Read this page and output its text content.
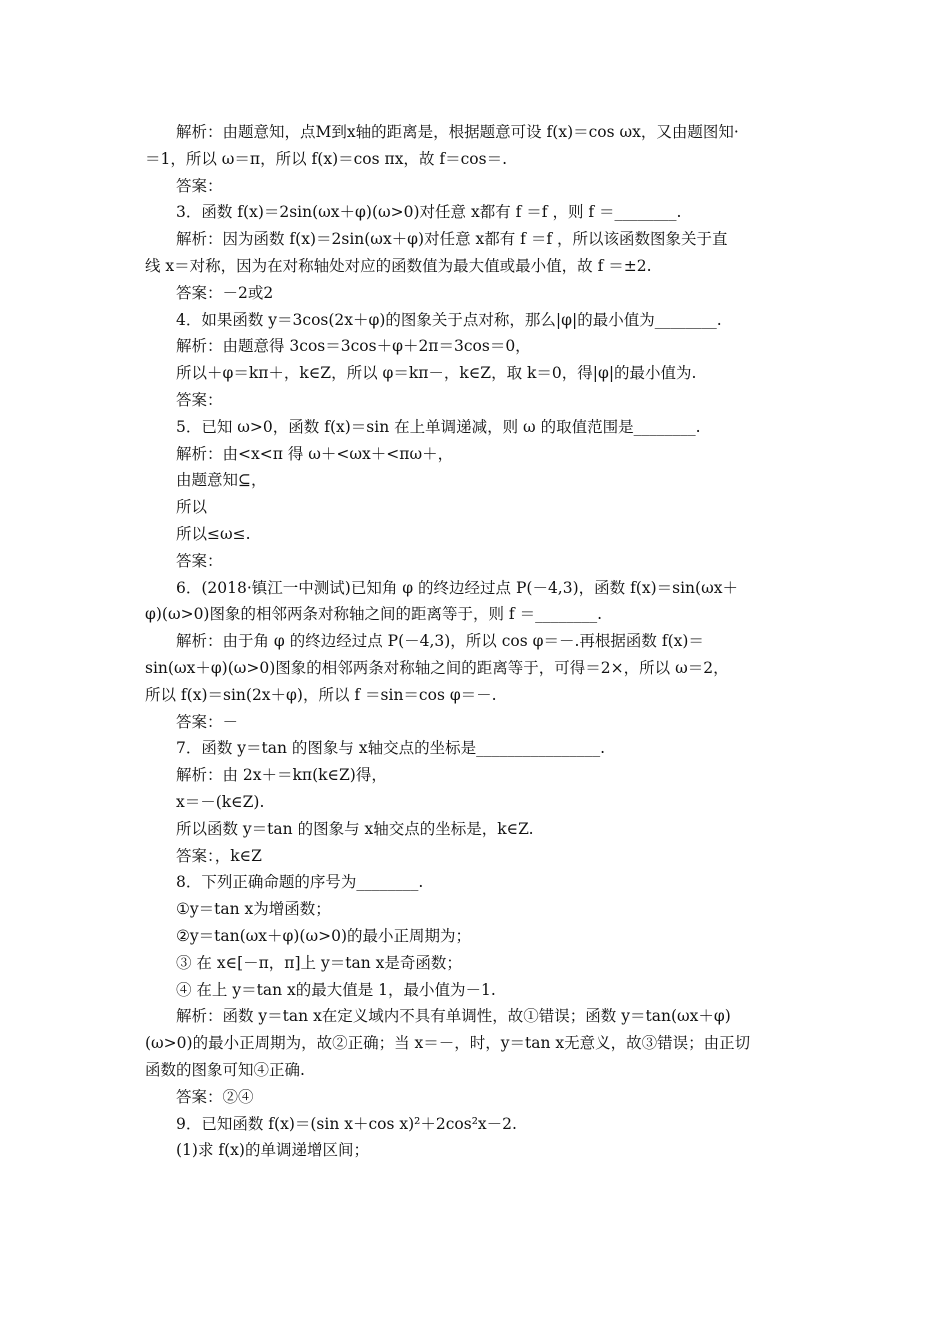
解析：由题意知，点M到x轴的距离是，根据题意可设 f(x)＝cos ωx，又由题图知·
＝1，所以 ω＝π，所以 f(x)＝cos πx，故 f＝cos＝.
答案：
3．函数 f(x)＝2sin(ωx＋φ)(ω>0)对任意 x都有 f ＝f ，则 f ＝________.
解析：因为函数 f(x)＝2sin(ωx＋φ)对任意 x都有 f ＝f ，所以该函数图象关于直
线 x＝对称，因为在对称轴处对应的函数值为最大值或最小值，故 f ＝±2.
答案：－2或2
4．如果函数 y＝3cos(2x＋φ)的图象关于点对称，那么|φ|的最小值为________.
解析：由题意得 3cos＝3cos＋φ＋2π＝3cos＝0，
所以＋φ＝kπ＋，k∈Z，所以 φ＝kπ－，k∈Z，取 k＝0，得|φ|的最小值为.
答案：
5．已知 ω>0，函数 f(x)＝sin 在上单调递减，则 ω 的取值范围是________.
解析：由<x<π 得 ω＋<ωx＋<πω＋，
由题意知⊆，
所以
所以≤ω≤.
答案：
6．(2018·镇江一中测试)已知角 φ 的终边经过点 P(－4,3)，函数 f(x)＝sin(ωx＋
φ)(ω>0)图象的相邻两条对称轴之间的距离等于，则 f ＝________.
解析：由于角 φ 的终边经过点 P(－4,3)，所以 cos φ＝－.再根据函数 f(x)＝
sin(ωx＋φ)(ω>0)图象的相邻两条对称轴之间的距离等于，可得＝2×，所以 ω＝2，
所以 f(x)＝sin(2x＋φ)，所以 f ＝sin＝cos φ＝－.
答案：－
7．函数 y＝tan 的图象与 x轴交点的坐标是________________.
解析：由 2x＋＝kπ(k∈Z)得，
x＝－(k∈Z).
所以函数 y＝tan 的图象与 x轴交点的坐标是，k∈Z.
答案：，k∈Z
8．下列正确命题的序号为________.
①y＝tan x为增函数；
②y＝tan(ωx＋φ)(ω>0)的最小正周期为；
③ 在 x∈[－π，π]上 y＝tan x是奇函数；
④ 在上 y＝tan x的最大值是 1，最小值为－1.
解析：函数 y＝tan x在定义域内不具有单调性，故①错误；函数 y＝tan(ωx＋φ)
(ω>0)的最小正周期为，故②正确；当 x＝－，时，y＝tan x无意义，故③错误；由正切
函数的图象可知④正确.
答案：②④
9．已知函数 f(x)＝(sin x＋cos x)²＋2cos²x－2.
(1)求 f(x)的单调递增区间；
